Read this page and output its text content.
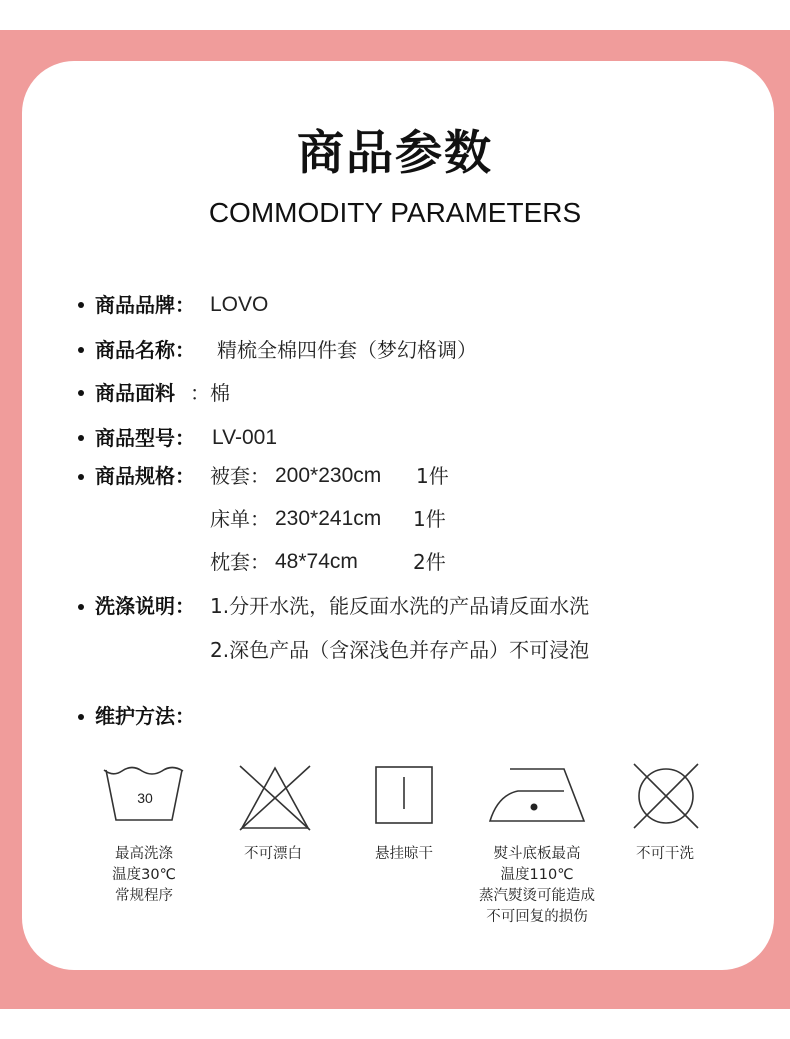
商品参数
COMMODITY PARAMETERS
商品品牌： LOVO
商品名称： 精梳全棉四件套（梦幻格调）
商品面料 ：棉
商品型号： LV-001
商品规格： 被套： 200*230cm 1件
床单： 230*241cm 1件
枕套： 48*74cm	2件
洗涤说明： 1.分开水洗，能反面水洗的产品请反面水洗
2.深色产品（含深浅色并存产品）不可浸泡
维护方法：
30
最高洗涤
温度30℃
常规程序
不可漂白	悬挂晾干	熨斗底板最高
温度110℃
蒸汽熨烫可能造成
不可回复的损伤
不可干洗
